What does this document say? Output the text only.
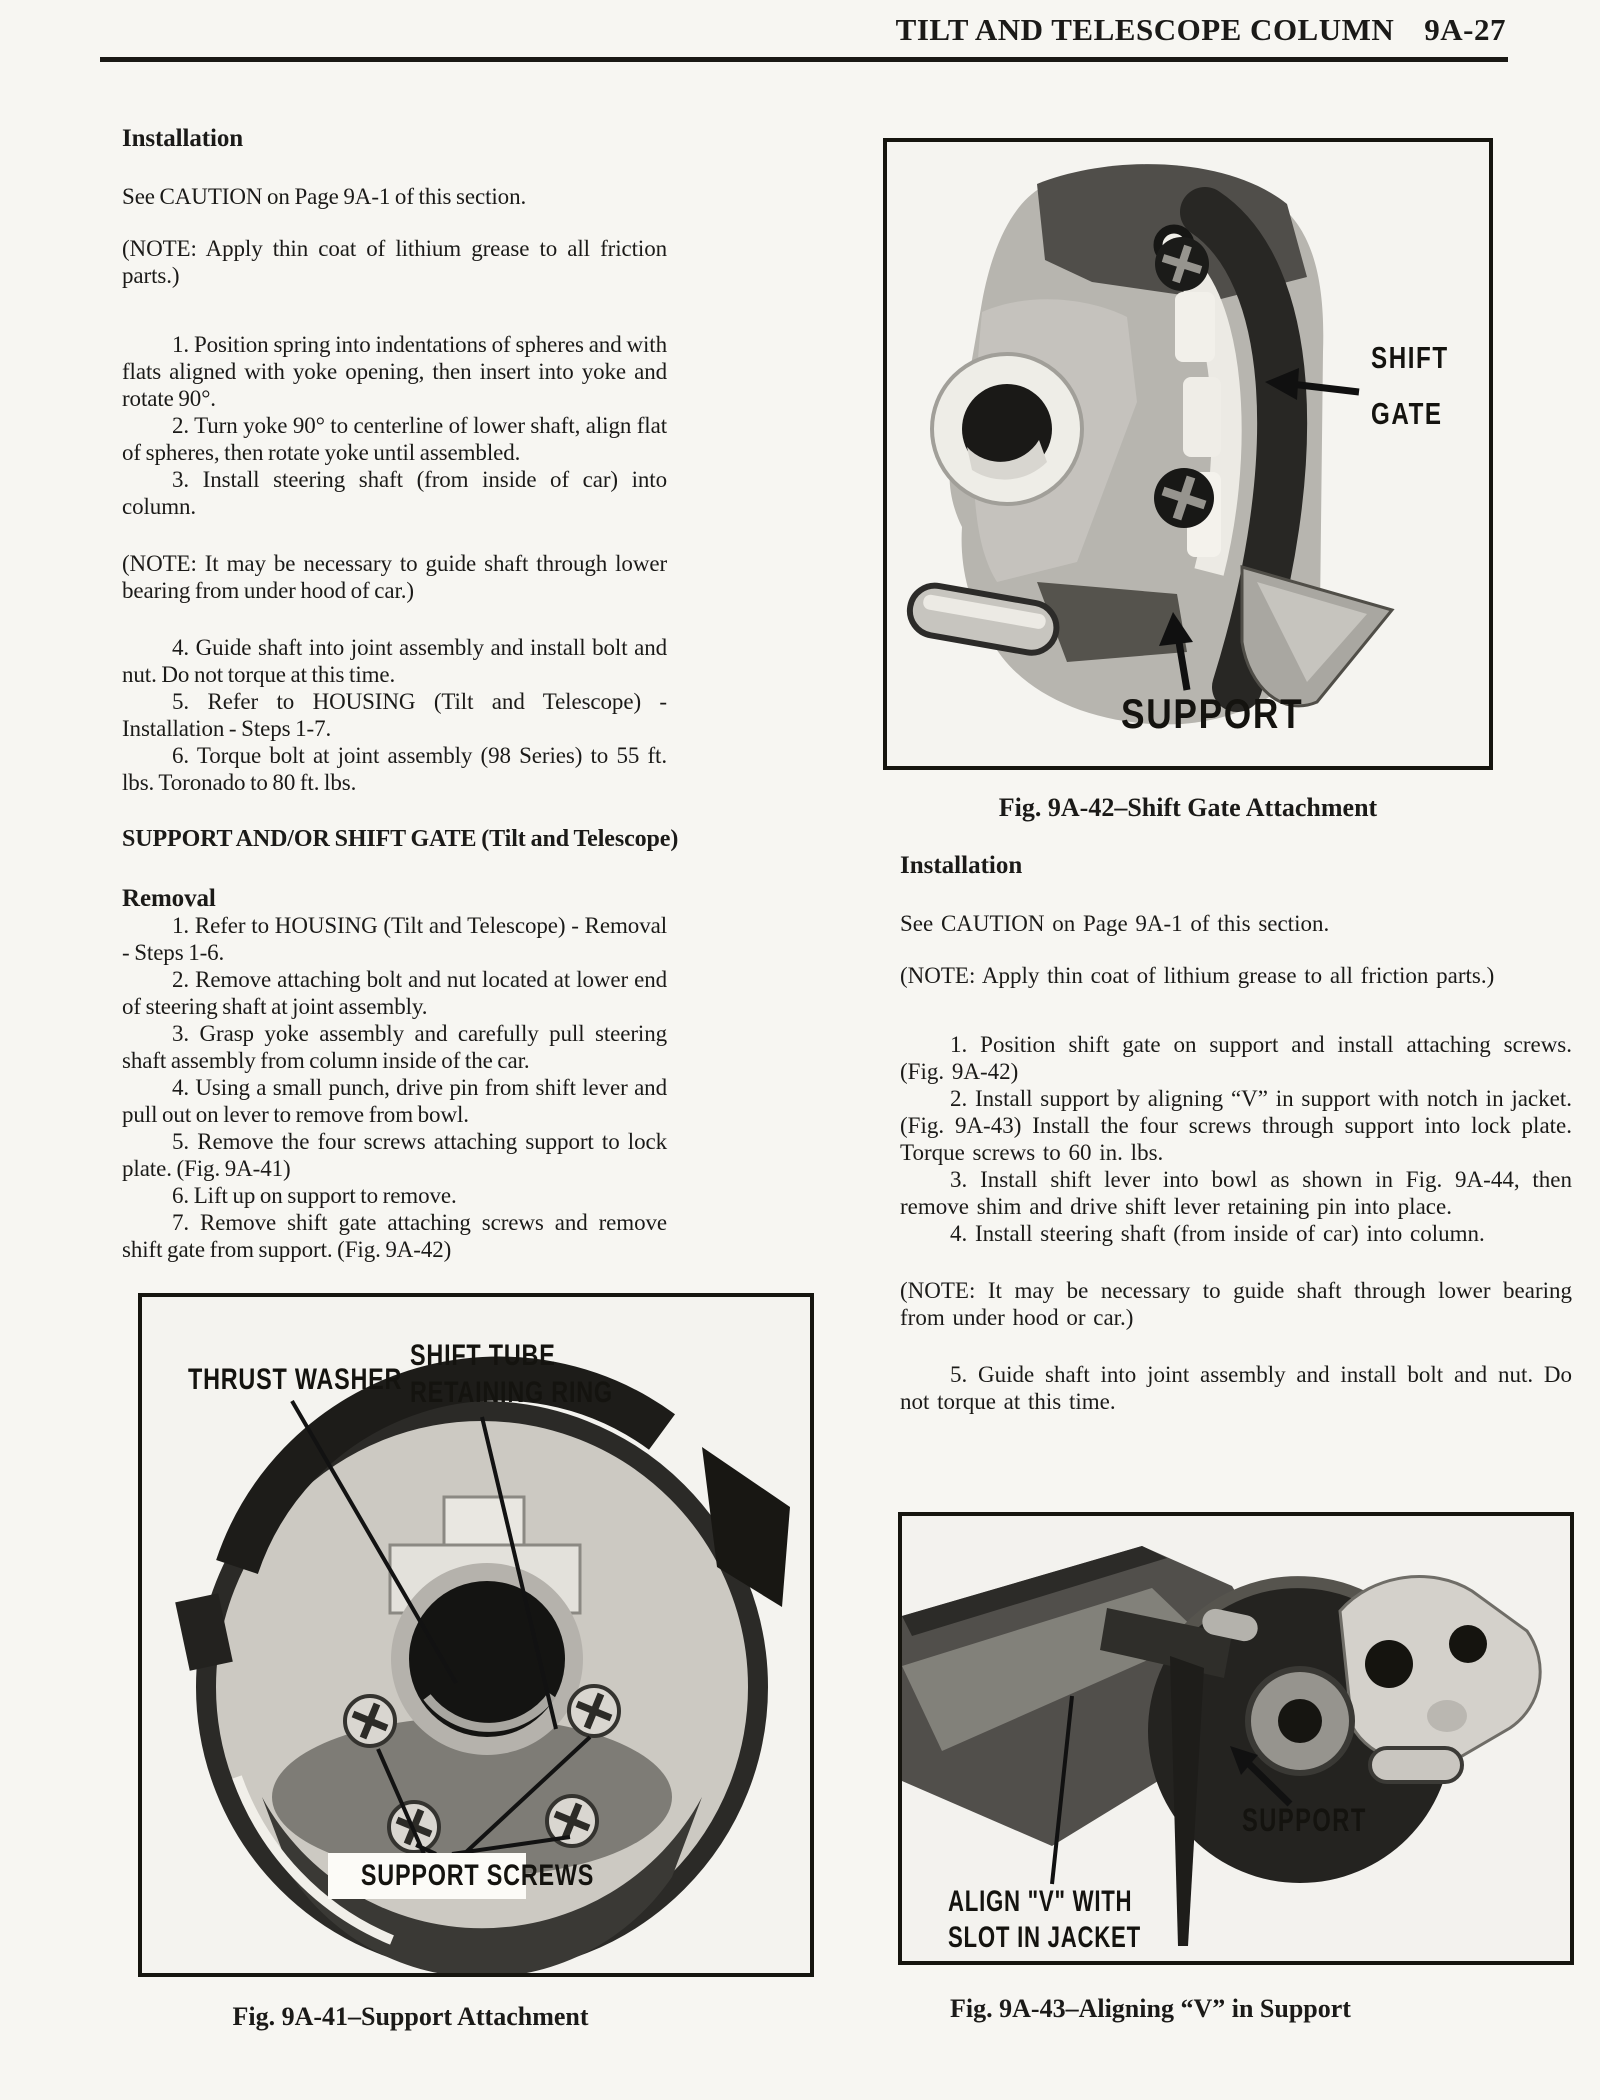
TILT AND TELESCOPE COLUMN 9A-27
Installation

See CAUTION on Page 9A-1 of this section.

(NOTE: Apply thin coat of lithium grease to all friction parts.)

1. Position spring into indentations of spheres and with flats aligned with yoke opening, then insert into yoke and rotate 90°.

2. Turn yoke 90° to centerline of lower shaft, align flat of spheres, then rotate yoke until assembled.

3. Install steering shaft (from inside of car) into column.

(NOTE: It may be necessary to guide shaft through lower bearing from under hood of car.)

4. Guide shaft into joint assembly and install bolt and nut. Do not torque at this time.

5. Refer to HOUSING (Tilt and Telescope) - Installation - Steps 1-7.

6. Torque bolt at joint assembly (98 Series) to 55 ft. lbs. Toronado to 80 ft. lbs.

SUPPORT AND/OR SHIFT GATE (Tilt and Telescope)
Removal

1. Refer to HOUSING (Tilt and Telescope) - Removal - Steps 1-6.

2. Remove attaching bolt and nut located at lower end of steering shaft at joint assembly.

3. Grasp yoke assembly and carefully pull steering shaft assembly from column inside of the car.

4. Using a small punch, drive pin from shift lever and pull out on lever to remove from bowl.

5. Remove the four screws attaching support to lock plate. (Fig. 9A-41)

6. Lift up on support to remove.

7. Remove shift gate attaching screws and remove shift gate from support. (Fig. 9A-42)

SHIFT
GATE
SUPPORT
Fig. 9A-42–Shift Gate Attachment
Installation

See CAUTION on Page 9A-1 of this section.

(NOTE: Apply thin coat of lithium grease to all friction parts.)

1. Position shift gate on support and install attaching screws. (Fig. 9A-42)

2. Install support by aligning “V” in support with notch in jacket. (Fig. 9A-43) Install the four screws through support into lock plate. Torque screws to 60 in. lbs.

3. Install shift lever into bowl as shown in Fig. 9A-44, then remove shim and drive shift lever retaining pin into place.

4. Install steering shaft (from inside of car) into column.

(NOTE: It may be necessary to guide shaft through lower bearing from under hood or car.)

5. Guide shaft into joint assembly and install bolt and nut. Do not torque at this time.

THRUST WASHER
SHIFT TUBE
RETAINING RING
SUPPORT SCREWS
Fig. 9A-41–Support Attachment
SUPPORT
ALIGN "V" WITH
SLOT IN JACKET
Fig. 9A-43–Aligning “V” in Support
